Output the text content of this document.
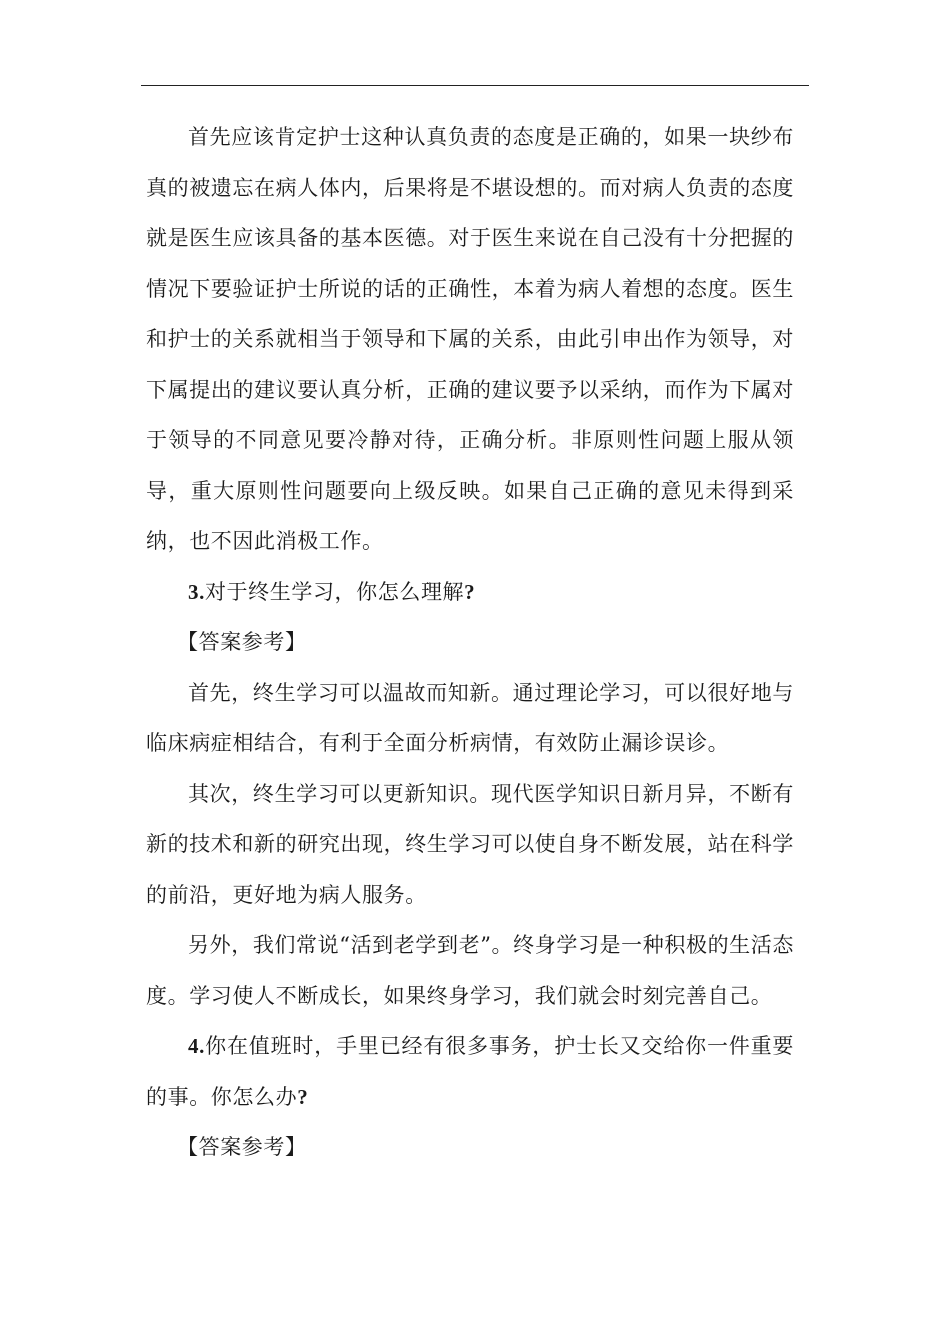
首先应该肯定护士这种认真负责的态度是正确的，如果一块纱布真的被遗忘在病人体内，后果将是不堪设想的。而对病人负责的态度就是医生应该具备的基本医德。对于医生来说在自己没有十分把握的情况下要验证护士所说的话的正确性，本着为病人着想的态度。医生和护士的关系就相当于领导和下属的关系，由此引申出作为领导，对下属提出的建议要认真分析，正确的建议要予以采纳，而作为下属对于领导的不同意见要冷静对待，正确分析。非原则性问题上服从领导，重大原则性问题要向上级反映。如果自己正确的意见未得到采纳，也不因此消极工作。

3.对于终生学习，你怎么理解?

【答案参考】

首先，终生学习可以温故而知新。通过理论学习，可以很好地与临床病症相结合，有利于全面分析病情，有效防止漏诊误诊。

其次，终生学习可以更新知识。现代医学知识日新月异，不断有新的技术和新的研究出现，终生学习可以使自身不断发展，站在科学的前沿，更好地为病人服务。

另外，我们常说“活到老学到老”。终身学习是一种积极的生活态度。学习使人不断成长，如果终身学习，我们就会时刻完善自己。

4.你在值班时，手里已经有很多事务，护士长又交给你一件重要的事。你怎么办?

【答案参考】
